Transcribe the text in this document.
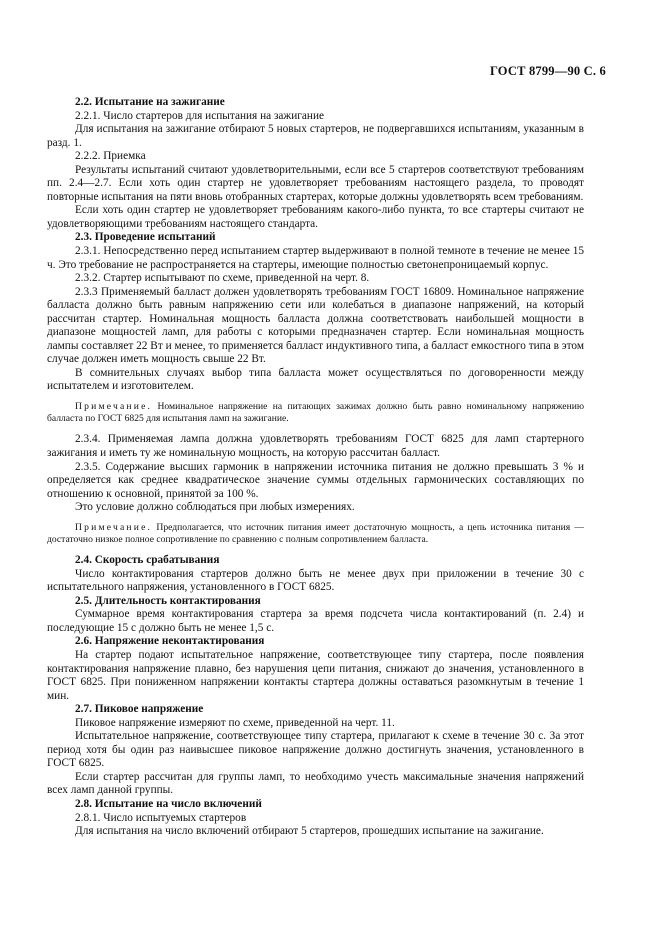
ГОСТ 8799—90 С. 6

2.2. Испытание на зажигание

2.2.1. Число стартеров для испытания на зажигание

Для испытания на зажигание отбирают 5 новых стартеров, не подвергавшихся испытаниям, указанным в разд. 1.

2.2.2. Приемка

Результаты испытаний считают удовлетворительными, если все 5 стартеров соответствуют требованиям пп. 2.4—2.7. Если хоть один стартер не удовлетворяет требованиям настоящего раздела, то проводят повторные испытания на пяти вновь отобранных стартерах, которые должны удовлетворять всем требованиям.

Если хоть один стартер не удовлетворяет требованиям какого-либо пункта, то все стартеры считают не удовлетворяющими требованиям настоящего стандарта.

2.3. Проведение испытаний

2.3.1. Непосредственно перед испытанием стартер выдерживают в полной темноте в течение не менее 15 ч. Это требование не распространяется на стартеры, имеющие полностью светонепроницаемый корпус.

2.3.2. Стартер испытывают по схеме, приведенной на черт. 8.

2.3.3 Применяемый балласт должен удовлетворять требованиям ГОСТ 16809. Номинальное напряжение балласта должно быть равным напряжению сети или колебаться в диапазоне напряжений, на который рассчитан стартер. Номинальная мощность балласта должна соответствовать наибольшей мощности в диапазоне мощностей ламп, для работы с которыми предназначен стартер. Если номинальная мощность лампы составляет 22 Вт и менее, то применяется балласт индуктивного типа, а балласт емкостного типа в этом случае должен иметь мощность свыше 22 Вт.

В сомнительных случаях выбор типа балласта может осуществляться по договоренности между испытателем и изготовителем.

Примечание. Номинальное напряжение на питающих зажимах должно быть равно номинальному напряжению балласта по ГОСТ 6825 для испытания ламп на зажигание.

2.3.4. Применяемая лампа должна удовлетворять требованиям ГОСТ 6825 для ламп стартерного зажигания и иметь ту же номинальную мощность, на которую рассчитан балласт.

2.3.5. Содержание высших гармоник в напряжении источника питания не должно превышать 3 % и определяется как среднее квадратическое значение суммы отдельных гармонических составляющих по отношению к основной, принятой за 100 %.

Это условие должно соблюдаться при любых измерениях.

Примечание. Предполагается, что источник питания имеет достаточную мощность, а цепь источника питания — достаточно низкое полное сопротивление по сравнению с полным сопротивлением балласта.

2.4. Скорость срабатывания

Число контактирования стартеров должно быть не менее двух при приложении в течение 30 с испытательного напряжения, установленного в ГОСТ 6825.

2.5. Длительность контактирования

Суммарное время контактирования стартера за время подсчета числа контактирований (п. 2.4) и последующие 15 с должно быть не менее 1,5 с.

2.6. Напряжение неконтактирования

На стартер подают испытательное напряжение, соответствующее типу стартера, после появления контактирования напряжение плавно, без нарушения цепи питания, снижают до значения, установленного в ГОСТ 6825. При пониженном напряжении контакты стартера должны оставаться разомкнутым в течение 1 мин.

2.7. Пиковое напряжение

Пиковое напряжение измеряют по схеме, приведенной на черт. 11.

Испытательное напряжение, соответствующее типу стартера, прилагают к схеме в течение 30 с. За этот период хотя бы один раз наивысшее пиковое напряжение должно достигнуть значения, установленного в ГОСТ 6825.

Если стартер рассчитан для группы ламп, то необходимо учесть максимальные значения напряжений всех ламп данной группы.

2.8. Испытание на число включений

2.8.1. Число испытуемых стартеров

Для испытания на число включений отбирают 5 стартеров, прошедших испытание на зажигание.
